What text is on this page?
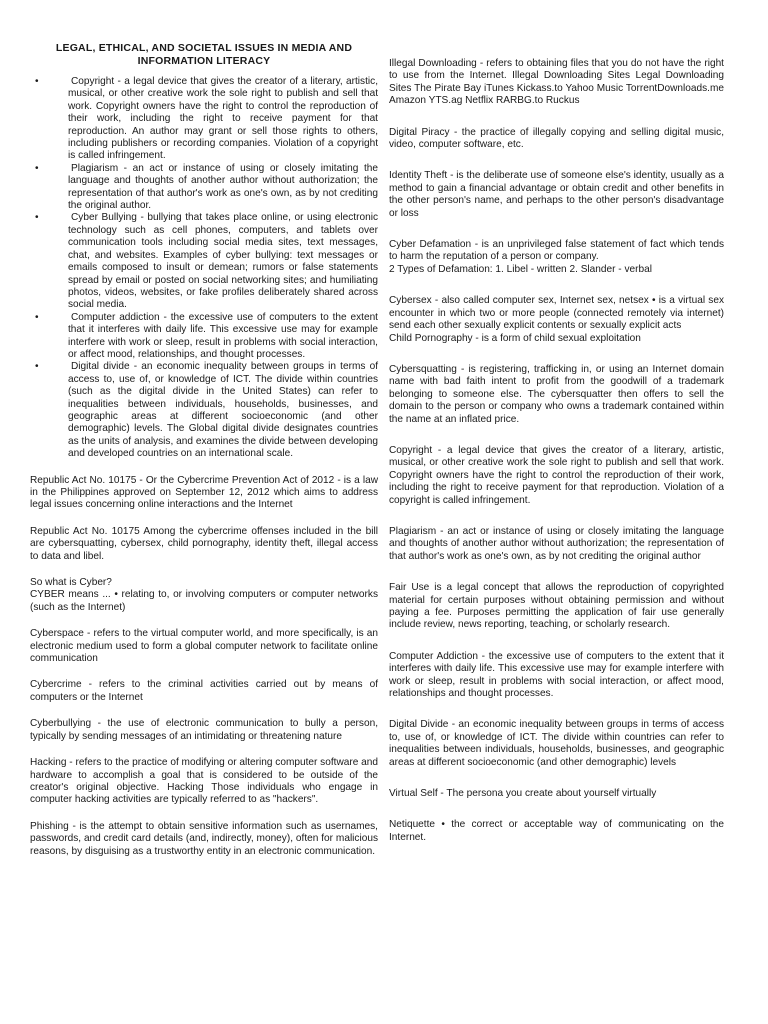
LEGAL, ETHICAL, AND SOCIETAL ISSUES IN MEDIA AND INFORMATION LITERACY
•	Copyright - a legal device that gives the creator of a literary, artistic, musical, or other creative work the sole right to publish and sell that work. Copyright owners have the right to control the reproduction of their work, including the right to receive payment for that reproduction. An author may grant or sell those rights to others, including publishers or recording companies. Violation of a copyright is called infringement.
•	Plagiarism - an act or instance of using or closely imitating the language and thoughts of another author without authorization; the representation of that author's work as one's own, as by not crediting the original author.
•	Cyber Bullying - bullying that takes place online, or using electronic technology such as cell phones, computers, and tablets over communication tools including social media sites, text messages, chat, and websites. Examples of cyber bullying: text messages or emails composed to insult or demean; rumors or false statements spread by email or posted on social networking sites; and humiliating photos, videos, websites, or fake profiles deliberately shared across social media.
•	Computer addiction - the excessive use of computers to the extent that it interferes with daily life. This excessive use may for example interfere with work or sleep, result in problems with social interaction, or affect mood, relationships, and thought processes.
•	Digital divide - an economic inequality between groups in terms of access to, use of, or knowledge of ICT. The divide within countries (such as the digital divide in the United States) can refer to inequalities between individuals, households, businesses, and geographic areas at different socioeconomic (and other demographic) levels. The Global digital divide designates countries as the units of analysis, and examines the divide between developing and developed countries on an international scale.

Republic Act No. 10175 - Or the Cybercrime Prevention Act of 2012 - is a law in the Philippines approved on September 12, 2012 which aims to address legal issues concerning online interactions and the Internet

Republic Act No. 10175 Among the cybercrime offenses included in the bill are cybersquatting, cybersex, child pornography, identity theft, illegal access to data and libel.

So what is Cyber?

CYBER means ... • relating to, or involving computers or computer networks (such as the Internet)

Cyberspace - refers to the virtual computer world, and more specifically, is an electronic medium used to form a global computer network to facilitate online communication

Cybercrime - refers to the criminal activities carried out by means of computers or the Internet

Cyberbullying - the use of electronic communication to bully a person, typically by sending messages of an intimidating or threatening nature

Hacking - refers to the practice of modifying or altering computer software and hardware to accomplish a goal that is considered to be outside of the creator's original objective. Hacking Those individuals who engage in computer hacking activities are typically referred to as "hackers".

Phishing - is the attempt to obtain sensitive information such as usernames, passwords, and credit card details (and, indirectly, money), often for malicious reasons, by disguising as a trustworthy entity in an electronic communication.

Illegal Downloading - refers to obtaining files that you do not have the right to use from the Internet. Illegal Downloading Sites Legal Downloading Sites The Pirate Bay iTunes Kickass.to Yahoo Music TorrentDownloads.me Amazon YTS.ag Netflix RARBG.to Ruckus

Digital Piracy - the practice of illegally copying and selling digital music, video, computer software, etc.

Identity Theft - is the deliberate use of someone else's identity, usually as a method to gain a financial advantage or obtain credit and other benefits in the other person's name, and perhaps to the other person's disadvantage or loss

Cyber Defamation - is an unprivileged false statement of fact which tends to harm the reputation of a person or company.

2 Types of Defamation: 1. Libel - written 2. Slander - verbal

Cybersex - also called computer sex, Internet sex, netsex • is a virtual sex encounter in which two or more people (connected remotely via internet) send each other sexually explicit contents or sexually explicit acts

Child Pornography - is a form of child sexual exploitation

Cybersquatting - is registering, trafficking in, or using an Internet domain name with bad faith intent to profit from the goodwill of a trademark belonging to someone else. The cybersquatter then offers to sell the domain to the person or company who owns a trademark contained within the name at an inflated price.

Copyright - a legal device that gives the creator of a literary, artistic, musical, or other creative work the sole right to publish and sell that work. Copyright owners have the right to control the reproduction of their work, including the right to receive payment for that reproduction. Violation of a copyright is called infringement.

Plagiarism - an act or instance of using or closely imitating the language and thoughts of another author without authorization; the representation of that author's work as one's own, as by not crediting the original author

Fair Use is a legal concept that allows the reproduction of copyrighted material for certain purposes without obtaining permission and without paying a fee. Purposes permitting the application of fair use generally include review, news reporting, teaching, or scholarly research.

Computer Addiction - the excessive use of computers to the extent that it interferes with daily life. This excessive use may for example interfere with work or sleep, result in problems with social interaction, or affect mood, relationships and thought processes.

Digital Divide - an economic inequality between groups in terms of access to, use of, or knowledge of ICT. The divide within countries can refer to inequalities between individuals, households, businesses, and geographic areas at different socioeconomic (and other demographic) levels

Virtual Self - The persona you create about yourself virtually

Netiquette • the correct or acceptable way of communicating on the Internet.
